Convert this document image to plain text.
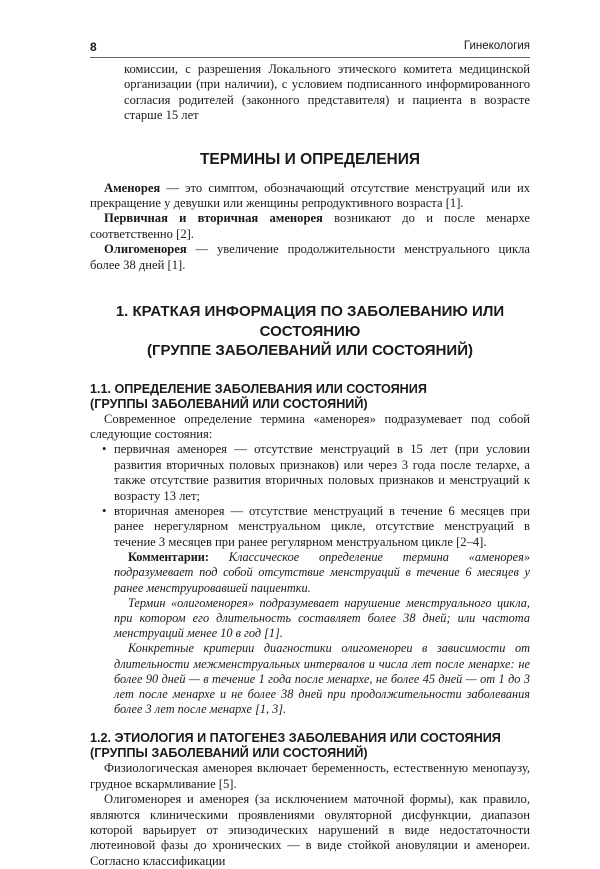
8	Гинекология

комиссии, с разрешения Локального этического комитета медицинской организации (при наличии), с условием подписанного информированного согласия родителей (законного представителя) и пациента в возрасте старше 15 лет

ТЕРМИНЫ И ОПРЕДЕЛЕНИЯ

Аменорея — это симптом, обозначающий отсутствие менструаций или их прекращение у девушки или женщины репродуктивного возраста [1].

Первичная и вторичная аменорея возникают до и после менархе соответственно [2].

Олигоменорея — увеличение продолжительности менструального цикла более 38 дней [1].

1. КРАТКАЯ ИНФОРМАЦИЯ ПО ЗАБОЛЕВАНИЮ ИЛИ СОСТОЯНИЮ
(ГРУППЕ ЗАБОЛЕВАНИЙ ИЛИ СОСТОЯНИЙ)
1.1. ОПРЕДЕЛЕНИЕ ЗАБОЛЕВАНИЯ ИЛИ СОСТОЯНИЯ
(ГРУППЫ ЗАБОЛЕВАНИЙ ИЛИ СОСТОЯНИЙ)

Современное определение термина «аменорея» подразумевает под собой следующие состояния:

• первичная аменорея — отсутствие менструаций в 15 лет (при условии развития вторичных половых признаков) или через 3 года после телархе, а также отсутствие развития вторичных половых признаков и менструаций к возрасту 13 лет;
• вторичная аменорея — отсутствие менструаций в течение 6 месяцев при ранее нерегулярном менструальном цикле, отсутствие менструаций в течение 3 месяцев при ранее регулярном менструальном цикле [2–4].

Комментарии: Классическое определение термина «аменорея» подразумевает под собой отсутствие менструаций в течение 6 месяцев у ранее менструировавшей пациентки.

Термин «олигоменорея» подразумевает нарушение менструального цикла, при котором его длительность составляет более 38 дней; или частота менструаций менее 10 в год [1].

Конкретные критерии диагностики олигоменореи в зависимости от длительности межменструальных интервалов и числа лет после менархе: не более 90 дней — в течение 1 года после менархе, не более 45 дней — от 1 до 3 лет после менархе и не более 38 дней при продолжительности заболевания более 3 лет после менархе [1, 3].

1.2. ЭТИОЛОГИЯ И ПАТОГЕНЕЗ ЗАБОЛЕВАНИЯ ИЛИ СОСТОЯНИЯ
(ГРУППЫ ЗАБОЛЕВАНИЙ ИЛИ СОСТОЯНИЙ)

Физиологическая аменорея включает беременность, естественную менопаузу, грудное вскармливание [5].

Олигоменорея и аменорея (за исключением маточной формы), как правило, являются клиническими проявлениями овуляторной дисфункции, диапазон которой варьирует от эпизодических нарушений в виде недостаточности лютеиновой фазы до хронических — в виде стойкой ановуляции и аменореи. Согласно классификации
